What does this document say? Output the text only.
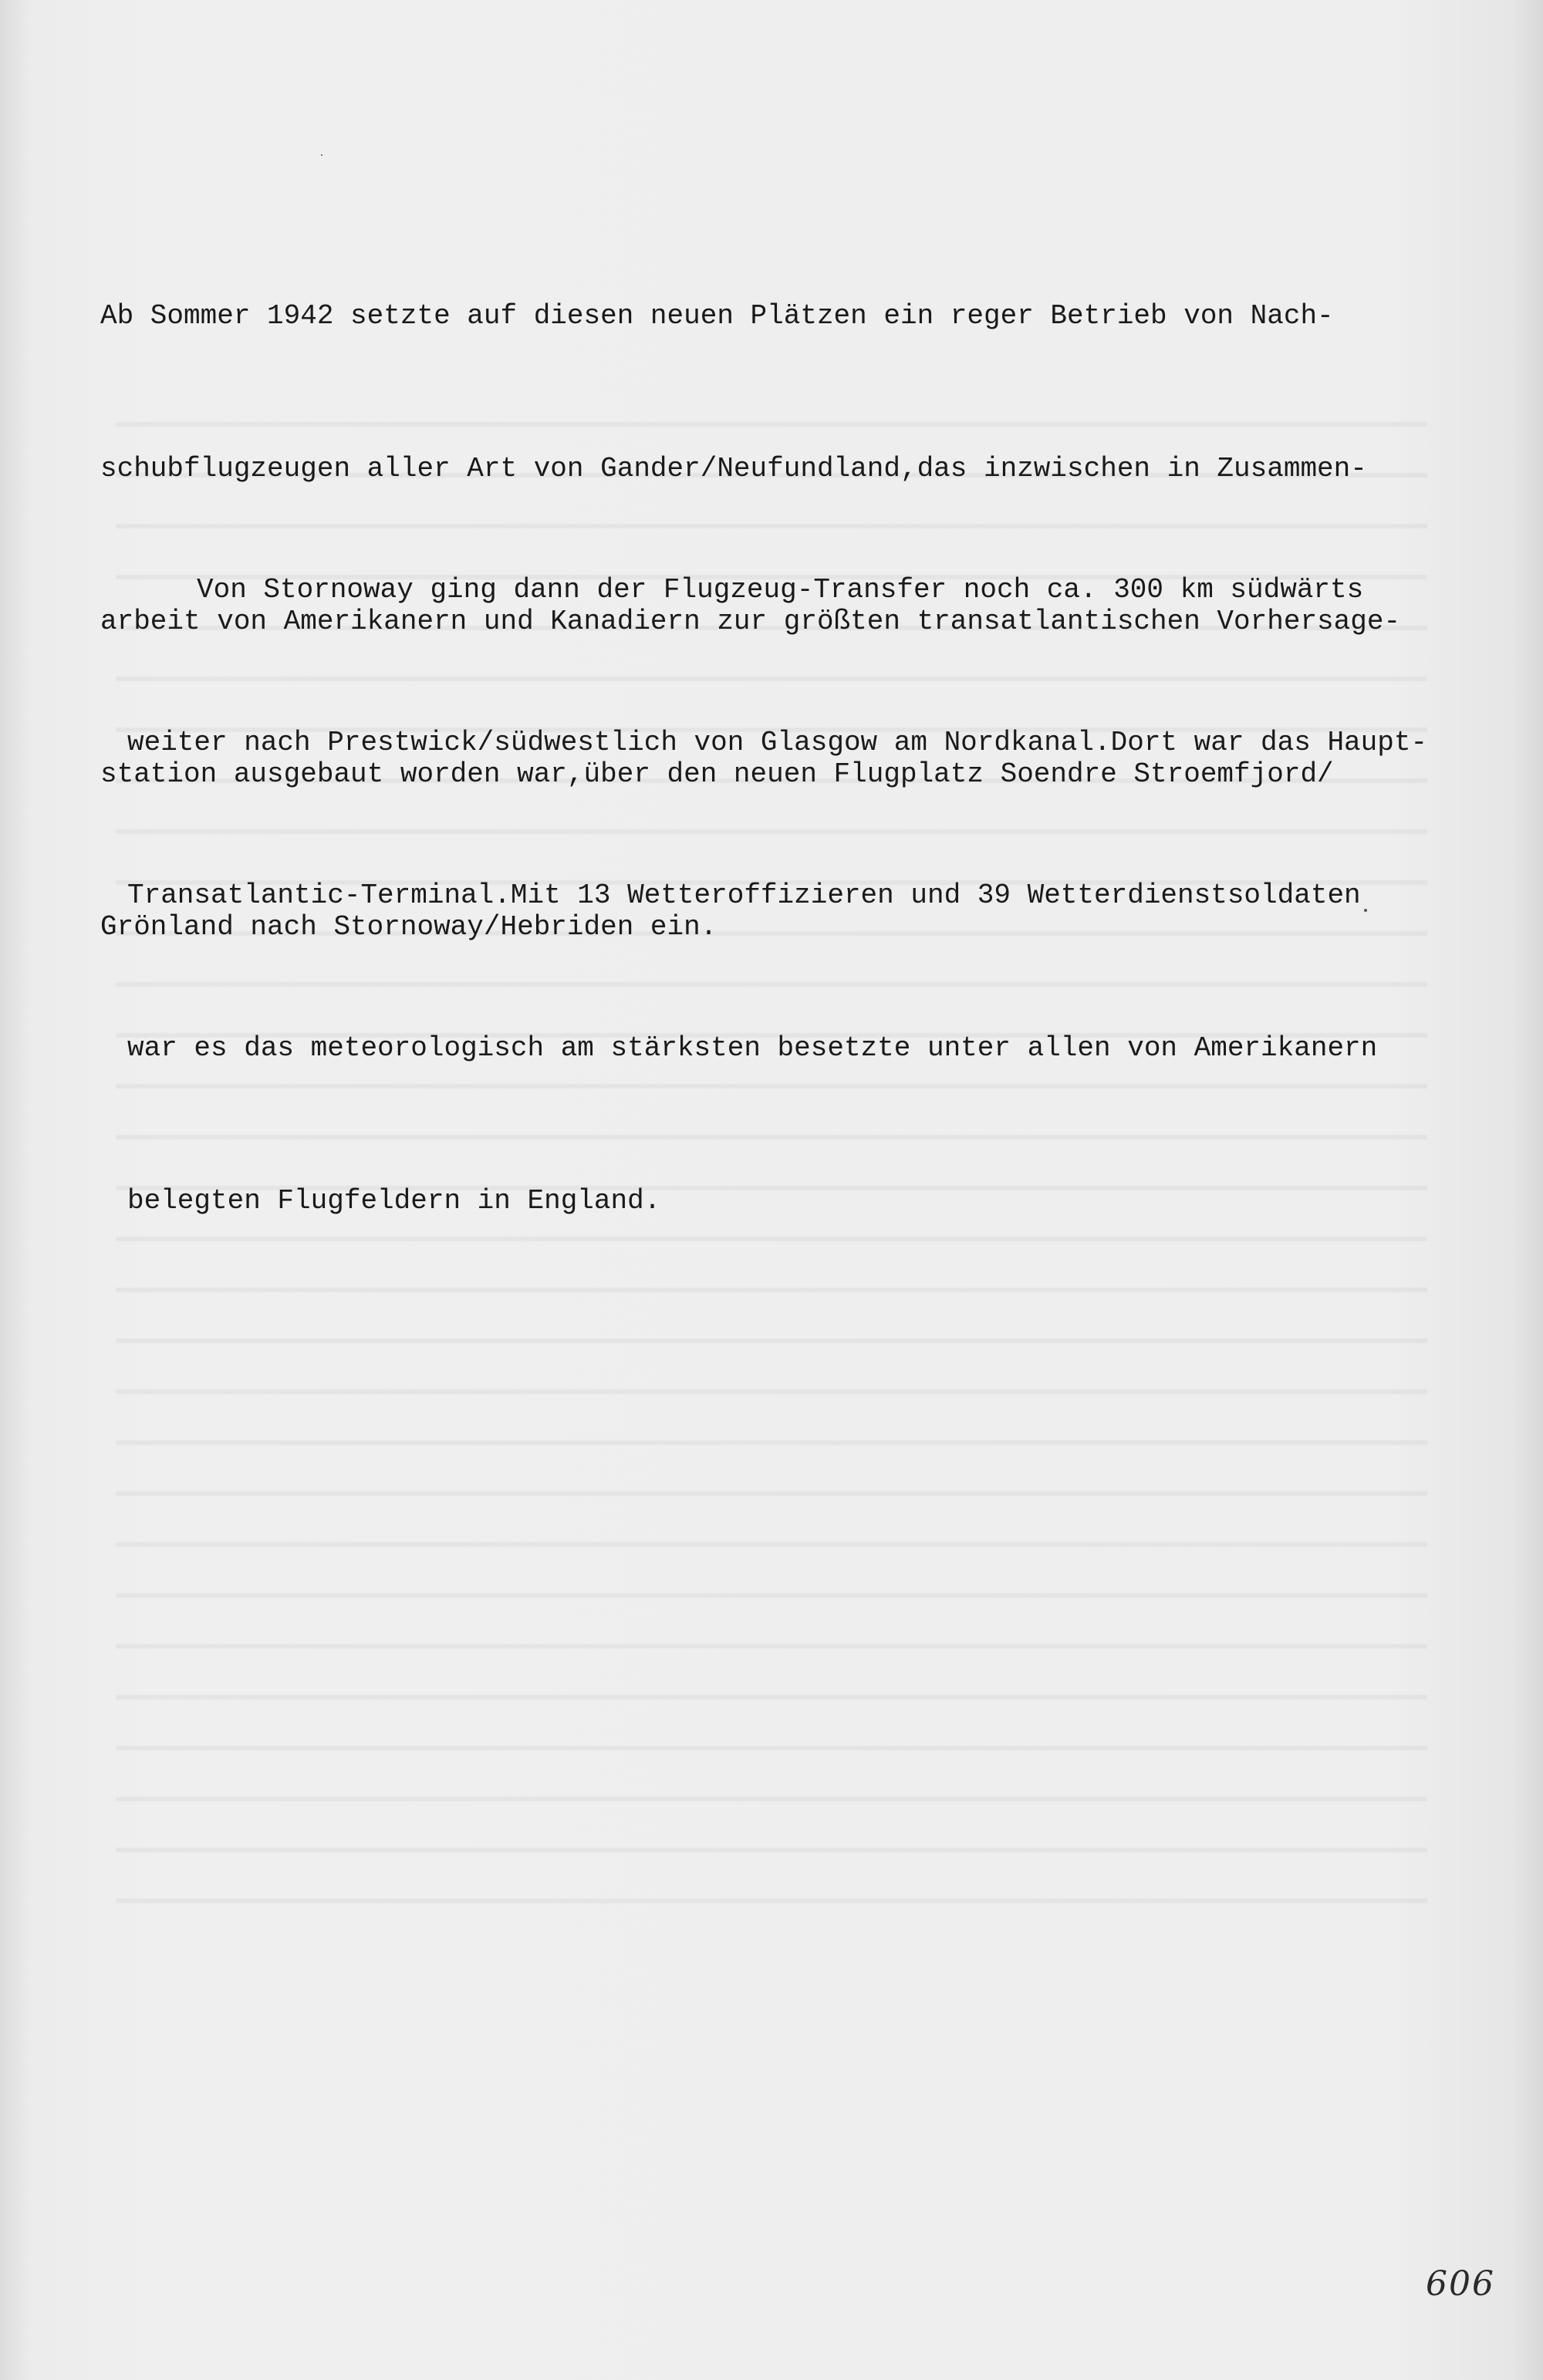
Ab Sommer 1942 setzte auf diesen neuen Plätzen ein reger Betrieb von Nach-

schubflugzeugen aller Art von Gander/Neufundland,das inzwischen in Zusammen-

arbeit von Amerikanern und Kanadiern zur größten transatlantischen Vorhersage-

station ausgebaut worden war,über den neuen Flugplatz Soendre Stroemfjord/

Grönland nach Stornoway/Hebriden ein.

Von Stornoway ging dann der Flugzeug-Transfer noch ca. 300 km südwärts

weiter nach Prestwick/südwestlich von Glasgow am Nordkanal.Dort war das Haupt-

Transatlantic-Terminal.Mit 13 Wetteroffizieren und 39 Wetterdienstsoldaten

war es das meteorologisch am stärksten besetzte unter allen von Amerikanern

belegten Flugfeldern in England.

606
